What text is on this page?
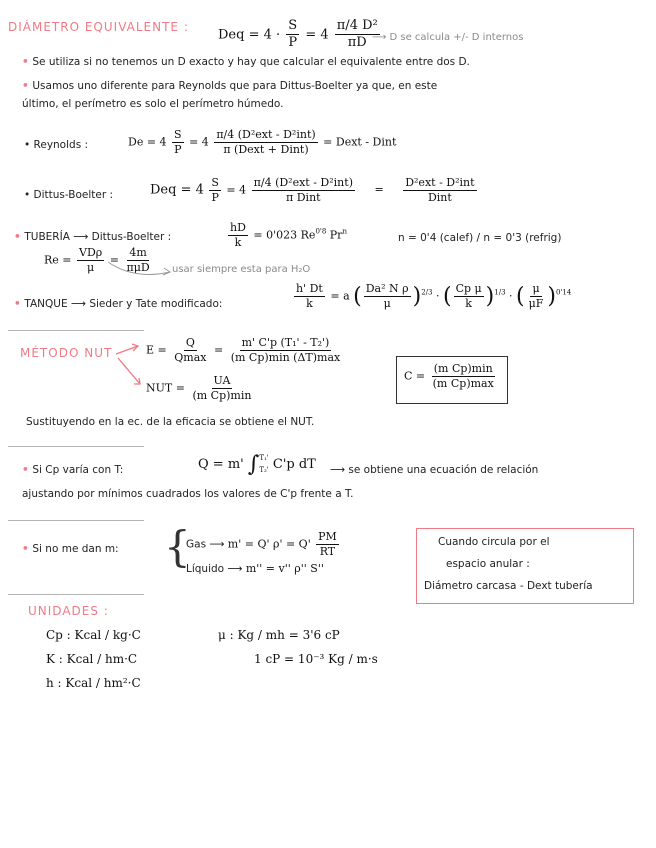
DIÁMETRO EQUIVALENTE :
Deq = $4 \cdot \frac{S}{P} = 4 \frac{\text{π/4 D²}}{\pi D}$
⟶ D se calcula +/- D internos
• Se utiliza si no tenemos un D exacto y hay que calcular el equivalente entre dos D.
• Usamos uno diferente para Reynolds que para Dittus-Boelter ya que, en este
último, el perímetro es solo el perímetro húmedo.
• Reynolds :	$De = 4 \frac{S}{P} = 4 \frac{\text{π/4 (D²ext - D²int)}}{\text{π (Dext + Dint)}}$ = Dext - Dint
• Dittus-Boelter :	Deq = $4 \frac{S}{P} = 4 \frac{\text{π/4 (D²ext - D²int)}}{\text{π Dint}} = \frac{\text{D²ext - D²int}}{\text{Dint}}$
• TUBERÍA ⟶ Dittus-Boelter :	$\frac{hD}{k} = 0'023$ $Re^{0'8}$ Pr$^n$
n = 0'4 (calef) / n = 0'3 (refrig)
$Re = \frac{\text{VDρ}}{\mu} = \frac{4m}{\text{πμD}}$ usar siempre esta para H₂O
• TANQUE ⟶ Sieder y Tate modificado:	$\frac{h' Dt}{k} = a$ ( $\frac{\text{Da² N ρ}}{\mu} )^{2/3}$ · ( $\frac{\text{Cp μ}}{k} )^{1/3}$ · ( $\frac{\mu}{\mu F} )^{0'14}$
MÉTODO NUT	$E = \frac{Q}{Qmax} = \frac{\text{m' C'p (T₁' - T₂')}}{\text{(m Cp)min (ΔT)max}}$
NUT = $\frac{UA}{\text{(m Cp)min}}$	$C = \frac{\text{(m Cp)min}}{\text{(m Cp)max}}$
Sustituyendo en la ec. de la eficacia se obtiene el NUT.
• Si Cp varía con T:	Q = m' ∫ T₁'
T₂' C'p dT ⟶ se obtiene una ecuación de relación
ajustando por mínimos cuadrados los valores de C'p frente a T.
• Si no me dan m: {
Gas ⟶ m' = Q' $\rho' = Q' \frac{PM}{RT}$
Líquido ⟶ m'' = v'' ρ'' S''
Cuando circula por el
espacio anular :
Diámetro carcasa - Dext tubería
UNIDADES :
Cp : Kcal / kg·C
K : Kcal / hm·C
h : Kcal / hm²·C
μ : Kg / mh = 3'6 cP
1 cP = 10⁻³ Kg / m·s
